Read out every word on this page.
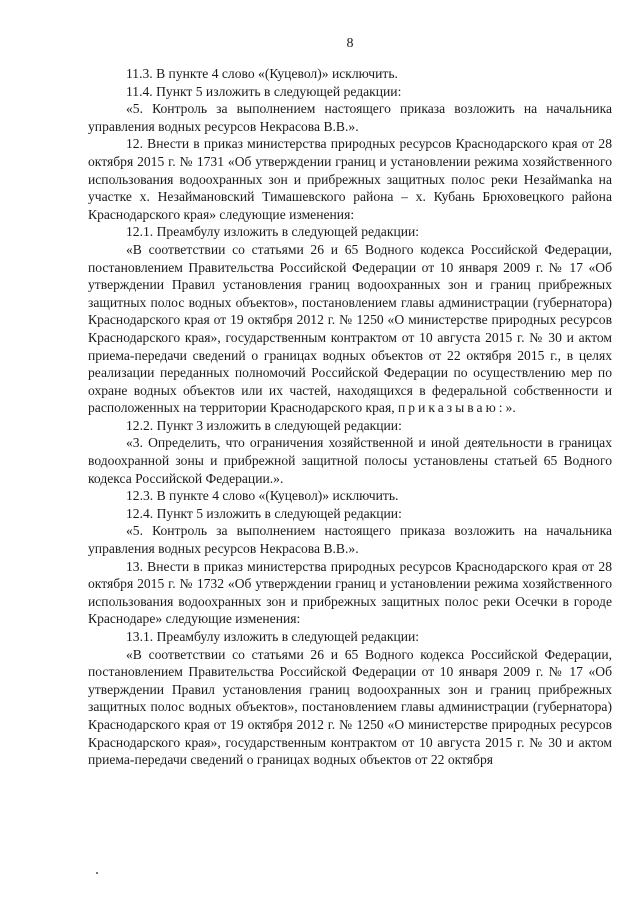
8

11.3. В пункте 4 слово «(Куцевол)» исключить.

11.4. Пункт 5 изложить в следующей редакции:

«5. Контроль за выполнением настоящего приказа возложить на начальника управления водных ресурсов Некрасова В.В.».

12. Внести в приказ министерства природных ресурсов Краснодарского края от 28 октября 2015 г. № 1731 «Об утверждении границ и установлении режима хозяйственного использования водоохранных зон и прибрежных защитных полос реки Незаймanka на участке х. Незаймановский Тимашевского района – х. Кубань Брюховецкого района Краснодарского края» следующие изменения:

12.1. Преамбулу изложить в следующей редакции:

«В соответствии со статьями 26 и 65 Водного кодекса Российской Федерации, постановлением Правительства Российской Федерации от 10 января 2009 г. № 17 «Об утверждении Правил установления границ водоохранных зон и границ прибрежных защитных полос водных объектов», постановлением главы администрации (губернатора) Краснодарского края от 19 октября 2012 г. № 1250 «О министерстве природных ресурсов Краснодарского края», государственным контрактом от 10 августа 2015 г. № 30 и актом приема-передачи сведений о границах водных объектов от 22 октября 2015 г., в целях реализации переданных полномочий Российской Федерации по осуществлению мер по охране водных объектов или их частей, находящихся в федеральной собственности и расположенных на территории Краснодарского края, приказываю:».

12.2. Пункт 3 изложить в следующей редакции:

«3. Определить, что ограничения хозяйственной и иной деятельности в границах водоохранной зоны и прибрежной защитной полосы установлены статьей 65 Водного кодекса Российской Федерации.».

12.3. В пункте 4 слово «(Куцевол)» исключить.

12.4. Пункт 5 изложить в следующей редакции:

«5. Контроль за выполнением настоящего приказа возложить на начальника управления водных ресурсов Некрасова В.В.».

13. Внести в приказ министерства природных ресурсов Краснодарского края от 28 октября 2015 г. № 1732 «Об утверждении границ и установлении режима хозяйственного использования водоохранных зон и прибрежных защитных полос реки Осечки в городе Краснодаре» следующие изменения:

13.1. Преамбулу изложить в следующей редакции:

«В соответствии со статьями 26 и 65 Водного кодекса Российской Федерации, постановлением Правительства Российской Федерации от 10 января 2009 г. № 17 «Об утверждении Правил установления границ водоохранных зон и границ прибрежных защитных полос водных объектов», постановлением главы администрации (губернатора) Краснодарского края от 19 октября 2012 г. № 1250 «О министерстве природных ресурсов Краснодарского края», государственным контрактом от 10 августа 2015 г. № 30 и актом приема-передачи сведений о границах водных объектов от 22 октября
